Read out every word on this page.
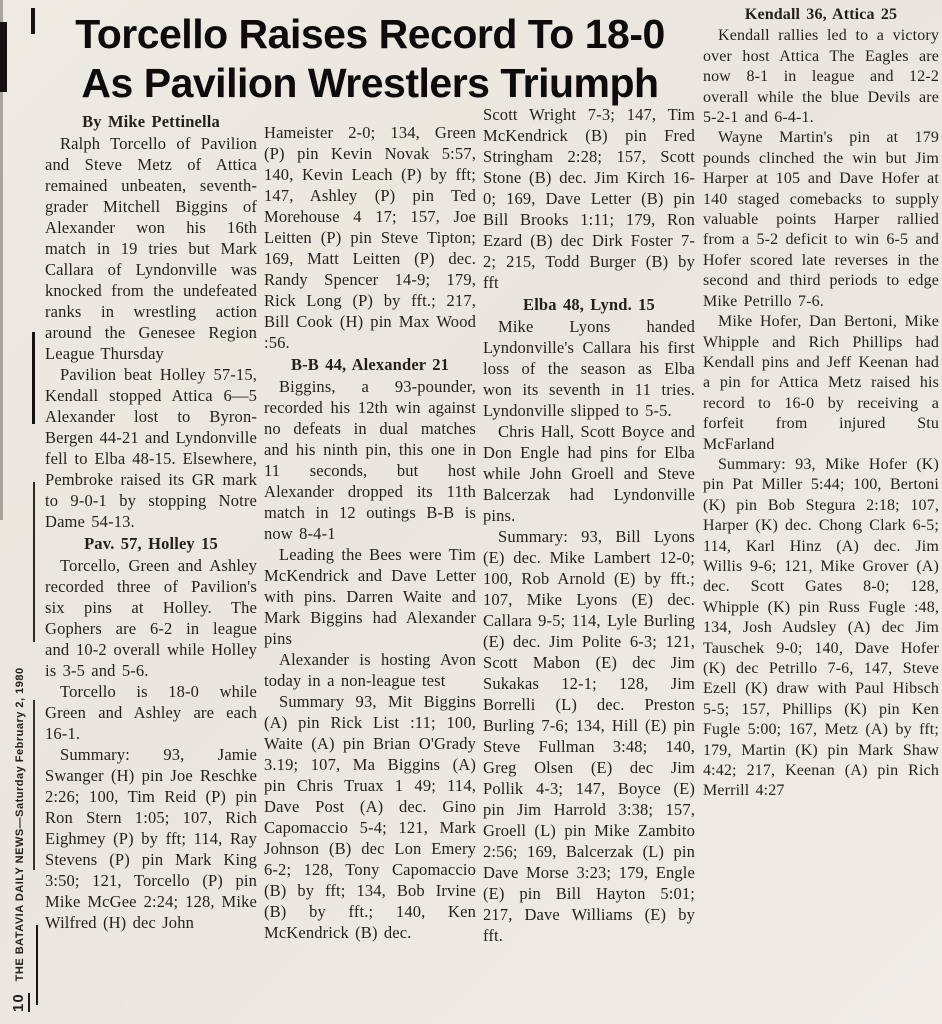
10
THE BATAVIA DAILY NEWS—Saturday February 2, 1980
Torcello Raises Record To 18-0
As Pavilion Wrestlers Triumph

By Mike Pettinella

Ralph Torcello of Pavilion and Steve Metz of Attica remained unbeaten, seventh-grader Mitchell Biggins of Alexander won his 16th match in 19 tries but Mark Callara of Lyndonville was knocked from the undefeated ranks in wrestling action around the Genesee Region League Thursday

Pavilion beat Holley 57-15, Kendall stopped Attica 6—5 Alexander lost to Byron-Bergen 44-21 and Lyndonville fell to Elba 48-15. Elsewhere, Pembroke raised its GR mark to 9-0-1 by stopping Notre Dame 54-13.

Pav. 57, Holley 15

Torcello, Green and Ashley recorded three of Pavilion's six pins at Holley. The Gophers are 6-2 in league and 10-2 overall while Holley is 3-5 and 5-6.

Torcello is 18-0 while Green and Ashley are each 16-1.

Summary: 93, Jamie Swanger (H) pin Joe Reschke 2:26; 100, Tim Reid (P) pin Ron Stern 1:05; 107, Rich Eighmey (P) by fft; 114, Ray Stevens (P) pin Mark King 3:50; 121, Torcello (P) pin Mike McGee 2:24; 128, Mike Wilfred (H) dec John

Hameister 2-0; 134, Green (P) pin Kevin Novak 5:57, 140, Kevin Leach (P) by fft; 147, Ashley (P) pin Ted Morehouse 4 17; 157, Joe Leitten (P) pin Steve Tipton; 169, Matt Leitten (P) dec. Randy Spencer 14-9; 179, Rick Long (P) by fft.; 217, Bill Cook (H) pin Max Wood :56.

B-B 44, Alexander 21

Biggins, a 93-pounder, recorded his 12th win against no defeats in dual matches and his ninth pin, this one in 11 seconds, but host Alexander dropped its 11th match in 12 outings B-B is now 8-4-1

Leading the Bees were Tim McKendrick and Dave Letter with pins. Darren Waite and Mark Biggins had Alexander pins

Alexander is hosting Avon today in a non-league test

Summary 93, Mit Biggins (A) pin Rick List :11; 100, Waite (A) pin Brian O'Grady 3.19; 107, Ma Biggins (A) pin Chris Truax 1 49; 114, Dave Post (A) dec. Gino Capomaccio 5-4; 121, Mark Johnson (B) dec Lon Emery 6-2; 128, Tony Capomaccio (B) by fft; 134, Bob Irvine (B) by fft.; 140, Ken McKendrick (B) dec.

Scott Wright 7-3; 147, Tim McKendrick (B) pin Fred Stringham 2:28; 157, Scott Stone (B) dec. Jim Kirch 16-0; 169, Dave Letter (B) pin Bill Brooks 1:11; 179, Ron Ezard (B) dec Dirk Foster 7-2; 215, Todd Burger (B) by fft

Elba 48, Lynd. 15

Mike Lyons handed Lyndonville's Callara his first loss of the season as Elba won its seventh in 11 tries. Lyndonville slipped to 5-5.

Chris Hall, Scott Boyce and Don Engle had pins for Elba while John Groell and Steve Balcerzak had Lyndonville pins.

Summary: 93, Bill Lyons (E) dec. Mike Lambert 12-0; 100, Rob Arnold (E) by fft.; 107, Mike Lyons (E) dec. Callara 9-5; 114, Lyle Burling (E) dec. Jim Polite 6-3; 121, Scott Mabon (E) dec Jim Sukakas 12-1; 128, Jim Borrelli (L) dec. Preston Burling 7-6; 134, Hill (E) pin Steve Fullman 3:48; 140, Greg Olsen (E) dec Jim Pollik 4-3; 147, Boyce (E) pin Jim Harrold 3:38; 157, Groell (L) pin Mike Zambito 2:56; 169, Balcerzak (L) pin Dave Morse 3:23; 179, Engle (E) pin Bill Hayton 5:01; 217, Dave Williams (E) by fft.

Kendall 36, Attica 25

Kendall rallies led to a victory over host Attica The Eagles are now 8-1 in league and 12-2 overall while the blue Devils are 5-2-1 and 6-4-1.

Wayne Martin's pin at 179 pounds clinched the win but Jim Harper at 105 and Dave Hofer at 140 staged comebacks to supply valuable points Harper rallied from a 5-2 deficit to win 6-5 and Hofer scored late reverses in the second and third periods to edge Mike Petrillo 7-6.

Mike Hofer, Dan Bertoni, Mike Whipple and Rich Phillips had Kendall pins and Jeff Keenan had a pin for Attica Metz raised his record to 16-0 by receiving a forfeit from injured Stu McFarland

Summary: 93, Mike Hofer (K) pin Pat Miller 5:44; 100, Bertoni (K) pin Bob Stegura 2:18; 107, Harper (K) dec. Chong Clark 6-5; 114, Karl Hinz (A) dec. Jim Willis 9-6; 121, Mike Grover (A) dec. Scott Gates 8-0; 128, Whipple (K) pin Russ Fugle :48, 134, Josh Audsley (A) dec Jim Tauschek 9-0; 140, Dave Hofer (K) dec Petrillo 7-6, 147, Steve Ezell (K) draw with Paul Hibsch 5-5; 157, Phillips (K) pin Ken Fugle 5:00; 167, Metz (A) by fft; 179, Martin (K) pin Mark Shaw 4:42; 217, Keenan (A) pin Rich Merrill 4:27
